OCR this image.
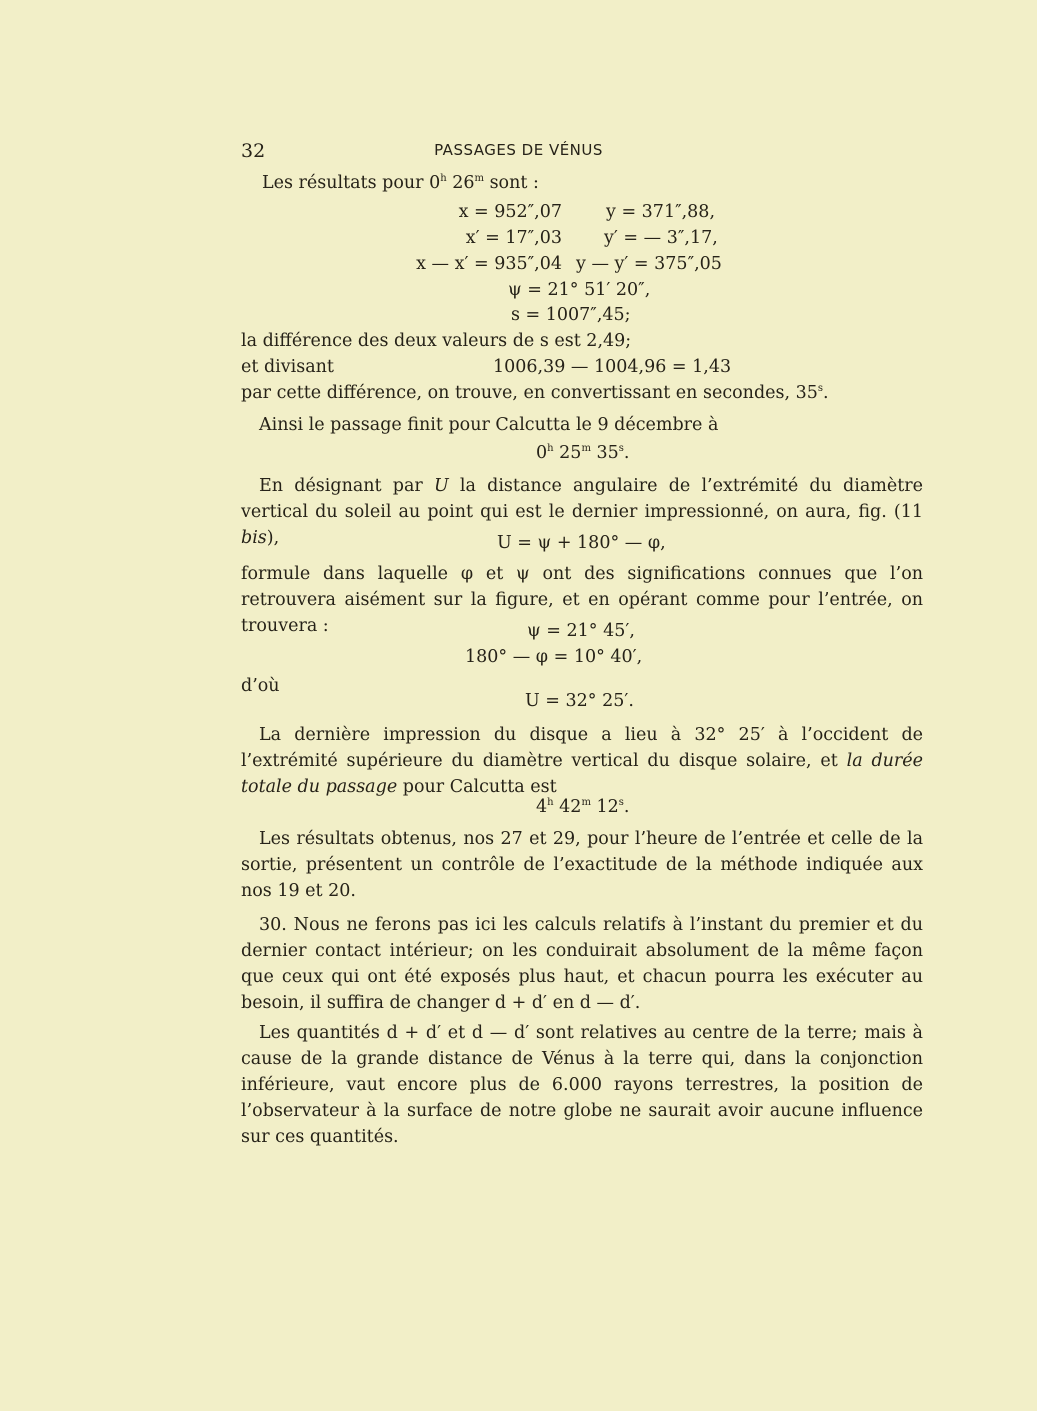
32	PASSAGES DE VÉNUS
Les résultats pour 0$^h$ 26$^m$ sont :
x = 952″,07	y = 371″,88,
x′ = 17″,03 y′ = — 3″,17,
x — x′ = 935″,04 y — y′ = 375″,05
ψ = 21° 51′ 20″,
s = 1007″,45;
la différence des deux valeurs de s est 2,49;
et divisant	1006,39 — 1004,96 = 1,43
par cette différence, on trouve, en convertissant en secondes, 35$^s$.
Ainsi le passage finit pour Calcutta le 9 décembre à
0$^h$ 25$^m$ 35$^s$.
En désignant par U la distance angulaire de l’extrémité du diamètre vertical du soleil au point qui est le dernier impressionné, on aura, fig. (11 bis),	U = ψ + 180° — φ,
formule dans laquelle φ et ψ ont des significations connues que l’on retrouvera aisément sur la figure, et en opérant comme pour l’entrée, on trouvera :	ψ = 21° 45′,
180° — φ = 10° 40′,
d’où
U = 32° 25′.
La dernière impression du disque a lieu à 32° 25′ à l’occident de l’extrémité supérieure du diamètre vertical du disque solaire, et la durée totale du passage pour Calcutta est
4$^h$ 42$^m$ 12$^s$.
Les résultats obtenus, nos 27 et 29, pour l’heure de l’entrée et celle de la sortie, présentent un contrôle de l’exactitude de la méthode indiquée aux nos 19 et 20.
30. Nous ne ferons pas ici les calculs relatifs à l’instant du premier et du dernier contact intérieur; on les conduirait absolument de la même façon que ceux qui ont été exposés plus haut, et chacun pourra les exécuter au besoin, il suffira de changer d + d′ en d — d′.
Les quantités d + d′ et d — d′ sont relatives au centre de la terre; mais à cause de la grande distance de Vénus à la terre qui, dans la conjonction inférieure, vaut encore plus de 6.000 rayons terrestres, la position de l’observateur à la surface de notre globe ne saurait avoir aucune influence sur ces quantités.
